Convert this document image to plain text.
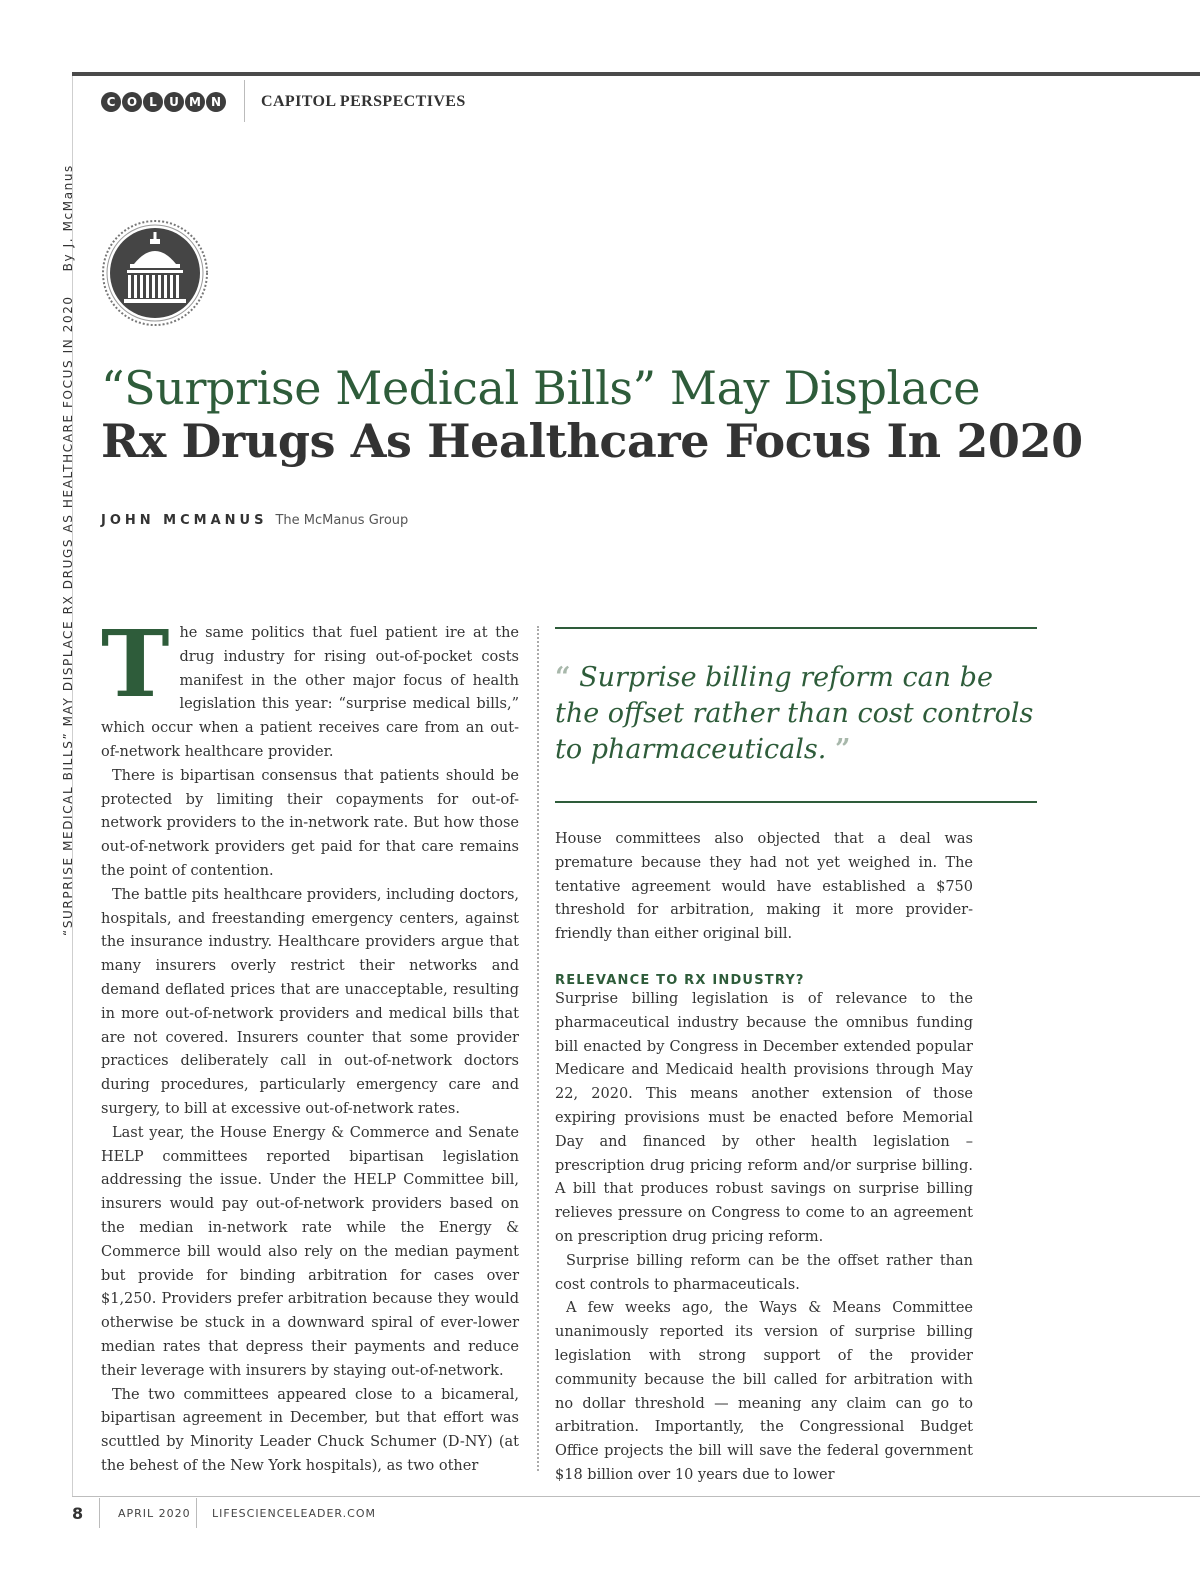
C O	L	U M N	CAPITOL PERSPECTIVES
“SURPRISE MEDICAL BILLS” MAY DISPLACE RX DRUGS AS HEALTHCARE FOCUS IN 2020
By J. McManus
“Surprise Medical Bills” May Displace
Rx Drugs As Healthcare Focus In 2020
JOHN MCMANUS The McManus Group

The same politics that fuel patient ire at the drug industry for rising out-of-pocket costs manifest in the other major focus of health legislation this year: “surprise medical bills,” which occur when a patient receives care from an out-of-network healthcare provider.

There is bipartisan consensus that patients should be protected by limiting their copayments for out-of-network providers to the in-network rate. But how those out-of-network providers get paid for that care remains the point of contention.

The battle pits healthcare providers, including doctors, hospitals, and freestanding emergency centers, against the insurance industry. Healthcare providers argue that many insurers overly restrict their networks and demand deflated prices that are unacceptable, resulting in more out-of-network providers and medical bills that are not covered. Insurers counter that some provider practices deliberately call in out-of-network doctors during procedures, particularly emergency care and surgery, to bill at excessive out-of-network rates.

Last year, the House Energy & Commerce and Senate HELP committees reported bipartisan legislation addressing the issue. Under the HELP Committee bill, insurers would pay out-of-network providers based on the median in-network rate while the Energy & Commerce bill would also rely on the median payment but provide for binding arbitration for cases over $1,250. Providers prefer arbitration because they would otherwise be stuck in a downward spiral of ever-lower median rates that depress their payments and reduce their leverage with insurers by staying out-of-network.

The two committees appeared close to a bicameral, bipartisan agreement in December, but that effort was scuttled by Minority Leader Chuck Schumer (D-NY) (at the behest of the New York hospitals), as two other

“ Surprise billing reform can be the offset rather than cost controls to pharmaceuticals. ”

House committees also objected that a deal was premature because they had not yet weighed in. The tentative agreement would have established a $750 threshold for arbitration, making it more provider-friendly than either original bill.

RELEVANCE TO RX INDUSTRY?

Surprise billing legislation is of relevance to the pharmaceutical industry because the omnibus funding bill enacted by Congress in December extended popular Medicare and Medicaid health provisions through May 22, 2020. This means another extension of those expiring provisions must be enacted before Memorial Day and financed by other health legislation – prescription drug pricing reform and/or surprise billing. A bill that produces robust savings on surprise billing relieves pressure on Congress to come to an agreement on prescription drug pricing reform.

Surprise billing reform can be the offset rather than cost controls to pharmaceuticals.

A few weeks ago, the Ways & Means Committee unanimously reported its version of surprise billing legislation with strong support of the provider community because the bill called for arbitration with no dollar threshold — meaning any claim can go to arbitration. Importantly, the Congressional Budget Office projects the bill will save the federal government $18 billion over 10 years due to lower

8	APRIL 2020 LIFESCIENCELEADER.COM
